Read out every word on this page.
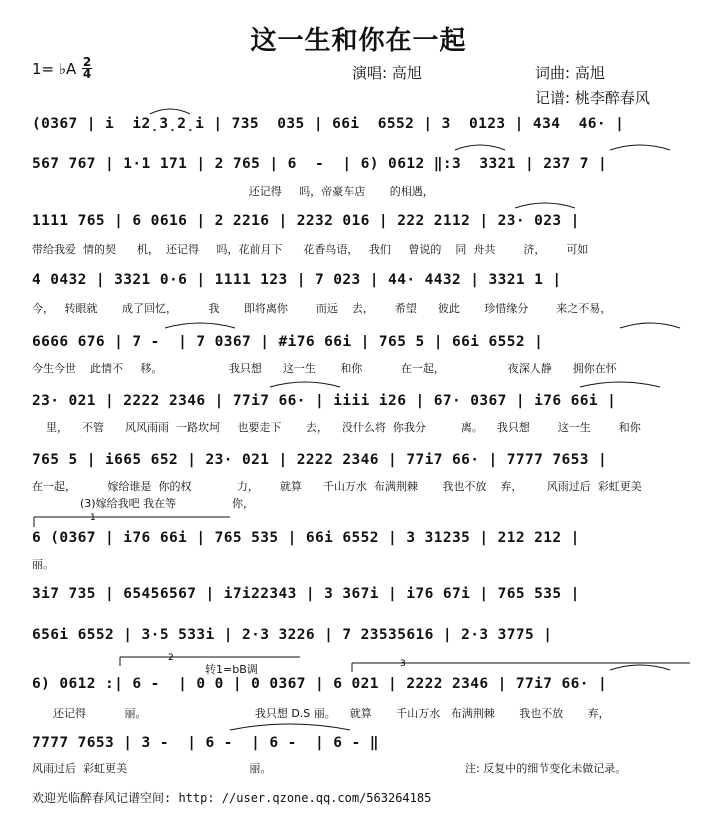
这一生和你在一起
1= ♭A 2
4	演唱: 高旭	词曲: 高旭
记谱: 桃李醉春风
(0367 | i  i2̣3̣2̣i | 735  035 | 66i  6552 | 3  0123 | 434  46· |
567 767 | 1·1 171 | 2 765 | 6  -  | 6) 0612 ‖:3  3321 | 237 7 |
还记得     吗，帝豪车店       的相遇，
1111 765 | 6 0616 | 2 2216 | 2232 016 | 222 2112 | 23· 023 |
带给我爱  情的契      机，  还记得     吗，花前月下      花香鸟语，   我们     曾说的    同  舟共        济，      可如
4 0432 | 3321 0·6 | 1111 123 | 7 023 | 44· 4432 | 3321 1 |
今，   转眼就       成了回忆，         我       即将离你        而远    去，      希望      彼此       珍惜缘分        来之不易，
6666 676 | 7 -  | 7 0367 | #i76 66i | 765 5 | 66i 6552 |
今生今世    此情不     移。                   我只想      这一生       和你           在一起，                  夜深人静      拥你在怀
23· 021 | 2222 2346 | 77i7 66· | iiii i26 | 67· 0367 | i76 66i |
里，    不管      风风雨雨  一路坎坷     也要走下       去，    没什么将  你我分          离。    我只想        这一生        和你
765 5 | i665 652 | 23· 021 | 2222 2346 | 77i7 66· | 7777 7653 |
在一起，         嫁给谁是  你的权             力，      就算      千山万水  布满荆棘       我也不放    弃，       风雨过后  彩虹更美
(3)嫁给我吧 我在等                你，
6 (0367 | i76 66i | 765 535 | 66i 6552 | 3 31235 | 212 212 |
丽。
3i7 735 | 65456567 | i7i22343 | 3 367i | i76 67i | 765 535 |
656i 6552 | 3·5 533i | 2·3 3226 | 7 23535616 | 2·3 3775 |
转1=bB调
6) 0612 :| 6 -  | 0 0 | 0 0367 | 6 021 | 2222 2346 | 77i7 66· |
还记得           丽。                               我只想 D.S 丽。    就算       千山万水   布满荆棘       我也不放       弃，
7777 7653 | 3 -  | 6 -  | 6 -  | 6 - ‖
风雨过后  彩虹更美                                   丽。
1
2
3
注: 反复中的细节变化未做记录。
欢迎光临醉春风记谱空间: http: //user.qzone.qq.com/563264185
